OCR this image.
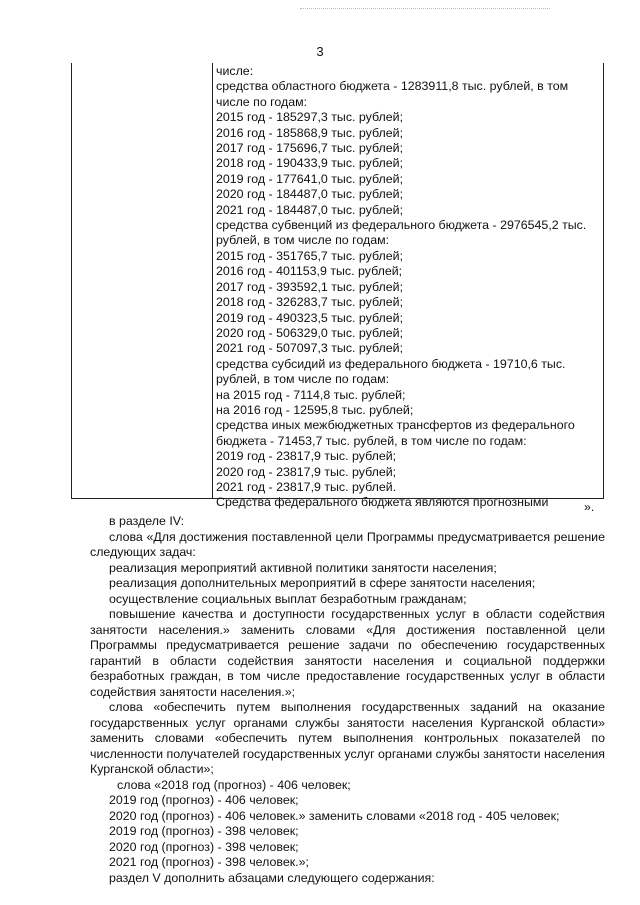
3
числе:
средства областного бюджета - 1283911,8 тыс. рублей, в том
числе по годам:
2015 год - 185297,3 тыс. рублей;
2016 год - 185868,9 тыс. рублей;
2017 год - 175696,7 тыс. рублей;
2018 год - 190433,9 тыс. рублей;
2019 год - 177641,0 тыс. рублей;
2020 год - 184487,0 тыс. рублей;
2021 год - 184487,0 тыс. рублей;
средства субвенций из федерального бюджета - 2976545,2 тыс.
рублей, в том числе по годам:
2015 год - 351765,7 тыс. рублей;
2016 год - 401153,9 тыс. рублей;
2017 год - 393592,1 тыс. рублей;
2018 год - 326283,7 тыс. рублей;
2019 год - 490323,5 тыс. рублей;
2020 год - 506329,0 тыс. рублей;
2021 год - 507097,3 тыс. рублей;
средства субсидий из федерального бюджета - 19710,6 тыс.
рублей, в том числе по годам:
на 2015 год - 7114,8 тыс. рублей;
на 2016 год - 12595,8 тыс. рублей;
средства иных межбюджетных трансфертов из федерального
бюджета - 71453,7 тыс. рублей, в том числе по годам:
2019 год - 23817,9 тыс. рублей;
2020 год - 23817,9 тыс. рублей;
2021 год - 23817,9 тыс. рублей.
Средства федерального бюджета являются прогнозными	».

в разделе IV:

слова «Для достижения поставленной цели Программы предусматривается решение следующих задач:

реализация мероприятий активной политики занятости населения;

реализация дополнительных мероприятий в сфере занятости населения;

осуществление социальных выплат безработным гражданам;

повышение качества и доступности государственных услуг в области содействия занятости населения.» заменить словами «Для достижения поставленной цели Программы предусматривается решение задачи по обеспечению государственных гарантий в области содействия занятости населения и социальной поддержки безработных граждан, в том числе предоставление государственных услуг в области содействия занятости населения.»;

слова «обеспечить путем выполнения государственных заданий на оказание государственных услуг органами службы занятости населения Курганской области» заменить словами «обеспечить путем выполнения контрольных показателей по численности получателей государственных услуг органами службы занятости населения Курганской области»;

слова «2018 год (прогноз) - 406 человек;

2019 год (прогноз) - 406 человек;

2020 год (прогноз) - 406 человек.» заменить словами «2018 год - 405 человек;

2019 год (прогноз) - 398 человек;

2020 год (прогноз) - 398 человек;

2021 год (прогноз) - 398 человек.»;

раздел V дополнить абзацами следующего содержания:
